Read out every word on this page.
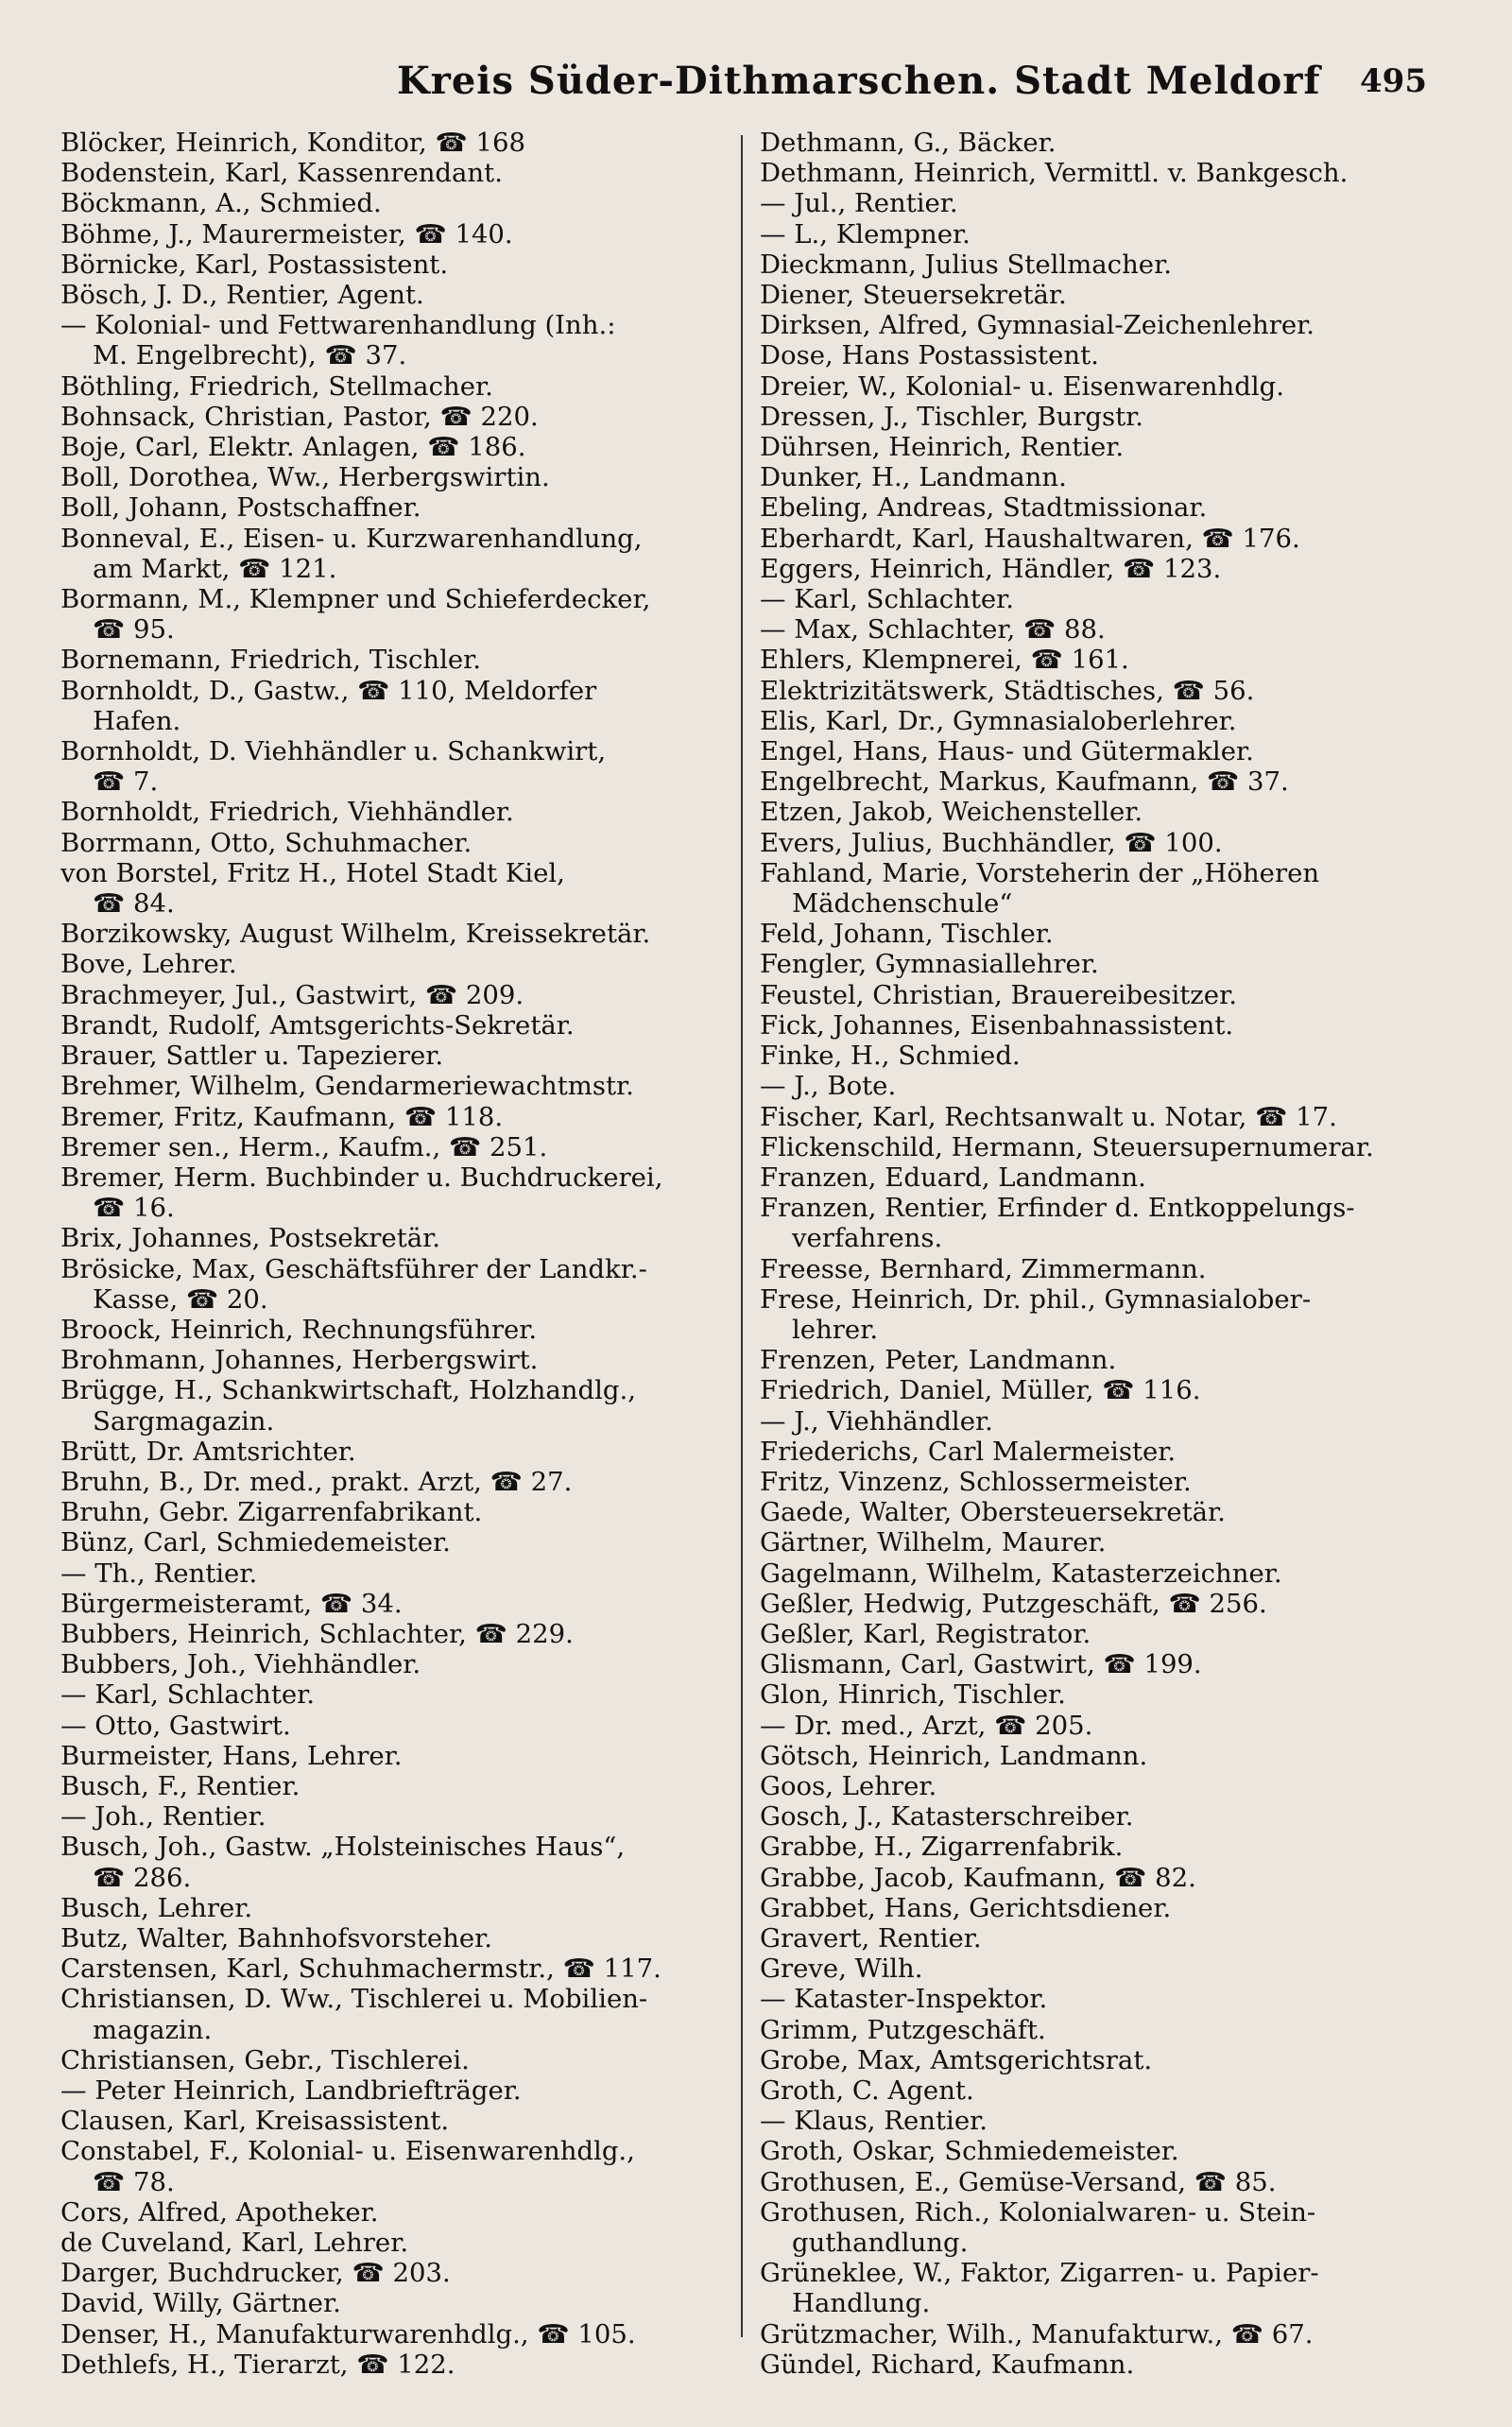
Kreis Süder-Dithmarschen. Stadt Meldorf 495

Blöcker, Heinrich, Konditor, ☎ 168

Bodenstein, Karl, Kassenrendant.

Böckmann, A., Schmied.

Böhme, J., Maurermeister, ☎ 140.

Börnicke, Karl, Postassistent.

Bösch, J. D., Rentier, Agent.

— Kolonial- und Fettwarenhandlung (Inh.:

M. Engelbrecht), ☎ 37.

Böthling, Friedrich, Stellmacher.

Bohnsack, Christian, Pastor, ☎ 220.

Boje, Carl, Elektr. Anlagen, ☎ 186.

Boll, Dorothea, Ww., Herbergswirtin.

Boll, Johann, Postschaffner.

Bonneval, E., Eisen- u. Kurzwarenhandlung,

am Markt, ☎ 121.

Bormann, M., Klempner und Schieferdecker,

☎ 95.

Bornemann, Friedrich, Tischler.

Bornholdt, D., Gastw., ☎ 110, Meldorfer

Hafen.

Bornholdt, D. Viehhändler u. Schankwirt,

☎ 7.

Bornholdt, Friedrich, Viehhändler.

Borrmann, Otto, Schuhmacher.

von Borstel, Fritz H., Hotel Stadt Kiel,

☎ 84.

Borzikowsky, August Wilhelm, Kreissekretär.

Bove, Lehrer.

Brachmeyer, Jul., Gastwirt, ☎ 209.

Brandt, Rudolf, Amtsgerichts-Sekretär.

Brauer, Sattler u. Tapezierer.

Brehmer, Wilhelm, Gendarmeriewachtmstr.

Bremer, Fritz, Kaufmann, ☎ 118.

Bremer sen., Herm., Kaufm., ☎ 251.

Bremer, Herm. Buchbinder u. Buchdruckerei,

☎ 16.

Brix, Johannes, Postsekretär.

Brösicke, Max, Geschäftsführer der Landkr.-

Kasse, ☎ 20.

Broock, Heinrich, Rechnungsführer.

Brohmann, Johannes, Herbergswirt.

Brügge, H., Schankwirtschaft, Holzhandlg.,

Sargmagazin.

Brütt, Dr. Amtsrichter.

Bruhn, B., Dr. med., prakt. Arzt, ☎ 27.

Bruhn, Gebr. Zigarrenfabrikant.

Bünz, Carl, Schmiedemeister.

— Th., Rentier.

Bürgermeisteramt, ☎ 34.

Bubbers, Heinrich, Schlachter, ☎ 229.

Bubbers, Joh., Viehhändler.

— Karl, Schlachter.

— Otto, Gastwirt.

Burmeister, Hans, Lehrer.

Busch, F., Rentier.

— Joh., Rentier.

Busch, Joh., Gastw. „Holsteinisches Haus“,

☎ 286.

Busch, Lehrer.

Butz, Walter, Bahnhofsvorsteher.

Carstensen, Karl, Schuhmachermstr., ☎ 117.

Christiansen, D. Ww., Tischlerei u. Mobilien-

magazin.

Christiansen, Gebr., Tischlerei.

— Peter Heinrich, Landbriefträger.

Clausen, Karl, Kreisassistent.

Constabel, F., Kolonial- u. Eisenwarenhdlg.,

☎ 78.

Cors, Alfred, Apotheker.

de Cuveland, Karl, Lehrer.

Darger, Buchdrucker, ☎ 203.

David, Willy, Gärtner.

Denser, H., Manufakturwarenhdlg., ☎ 105.

Dethlefs, H., Tierarzt, ☎ 122.

Dethmann, G., Bäcker.

Dethmann, Heinrich, Vermittl. v. Bankgesch.

— Jul., Rentier.

— L., Klempner.

Dieckmann, Julius Stellmacher.

Diener, Steuersekretär.

Dirksen, Alfred, Gymnasial-Zeichenlehrer.

Dose, Hans Postassistent.

Dreier, W., Kolonial- u. Eisenwarenhdlg.

Dressen, J., Tischler, Burgstr.

Dührsen, Heinrich, Rentier.

Dunker, H., Landmann.

Ebeling, Andreas, Stadtmissionar.

Eberhardt, Karl, Haushaltwaren, ☎ 176.

Eggers, Heinrich, Händler, ☎ 123.

— Karl, Schlachter.

— Max, Schlachter, ☎ 88.

Ehlers, Klempnerei, ☎ 161.

Elektrizitätswerk, Städtisches, ☎ 56.

Elis, Karl, Dr., Gymnasialoberlehrer.

Engel, Hans, Haus- und Gütermakler.

Engelbrecht, Markus, Kaufmann, ☎ 37.

Etzen, Jakob, Weichensteller.

Evers, Julius, Buchhändler, ☎ 100.

Fahland, Marie, Vorsteherin der „Höheren

Mädchenschule“

Feld, Johann, Tischler.

Fengler, Gymnasiallehrer.

Feustel, Christian, Brauereibesitzer.

Fick, Johannes, Eisenbahnassistent.

Finke, H., Schmied.

— J., Bote.

Fischer, Karl, Rechtsanwalt u. Notar, ☎ 17.

Flickenschild, Hermann, Steuersupernumerar.

Franzen, Eduard, Landmann.

Franzen, Rentier, Erfinder d. Entkoppelungs-

verfahrens.

Freesse, Bernhard, Zimmermann.

Frese, Heinrich, Dr. phil., Gymnasialober-

lehrer.

Frenzen, Peter, Landmann.

Friedrich, Daniel, Müller, ☎ 116.

— J., Viehhändler.

Friederichs, Carl Malermeister.

Fritz, Vinzenz, Schlossermeister.

Gaede, Walter, Obersteuersekretär.

Gärtner, Wilhelm, Maurer.

Gagelmann, Wilhelm, Katasterzeichner.

Geßler, Hedwig, Putzgeschäft, ☎ 256.

Geßler, Karl, Registrator.

Glismann, Carl, Gastwirt, ☎ 199.

Glon, Hinrich, Tischler.

— Dr. med., Arzt, ☎ 205.

Götsch, Heinrich, Landmann.

Goos, Lehrer.

Gosch, J., Katasterschreiber.

Grabbe, H., Zigarrenfabrik.

Grabbe, Jacob, Kaufmann, ☎ 82.

Grabbet, Hans, Gerichtsdiener.

Gravert, Rentier.

Greve, Wilh.

— Kataster-Inspektor.

Grimm, Putzgeschäft.

Grobe, Max, Amtsgerichtsrat.

Groth, C. Agent.

— Klaus, Rentier.

Groth, Oskar, Schmiedemeister.

Grothusen, E., Gemüse-Versand, ☎ 85.

Grothusen, Rich., Kolonialwaren- u. Stein-

guthandlung.

Grüneklee, W., Faktor, Zigarren- u. Papier-

Handlung.

Grützmacher, Wilh., Manufakturw., ☎ 67.

Gündel, Richard, Kaufmann.
